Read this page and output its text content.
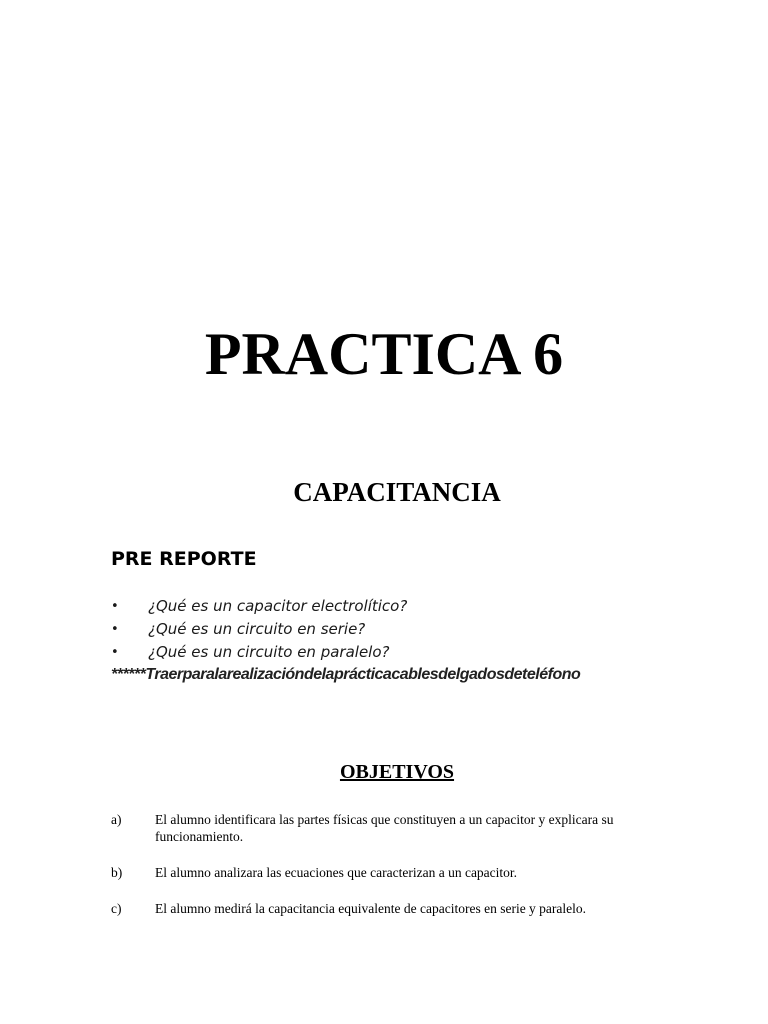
PRACTICA 6
CAPACITANCIA
PRE REPORTE
• ¿Qué es un capacitor electrolítico?
• ¿Qué es un circuito en serie?
• ¿Qué es un circuito en paralelo?

******Traerparalarealizacióndelaprácticacablesdelgadosdeteléfono

OBJETIVOS
a) El alumno identificara las partes físicas que constituyen a un capacitor y explicara su funcionamiento.
b) El alumno analizara las ecuaciones que caracterizan a un capacitor.
c) El alumno medirá la capacitancia equivalente de capacitores en serie y paralelo.
